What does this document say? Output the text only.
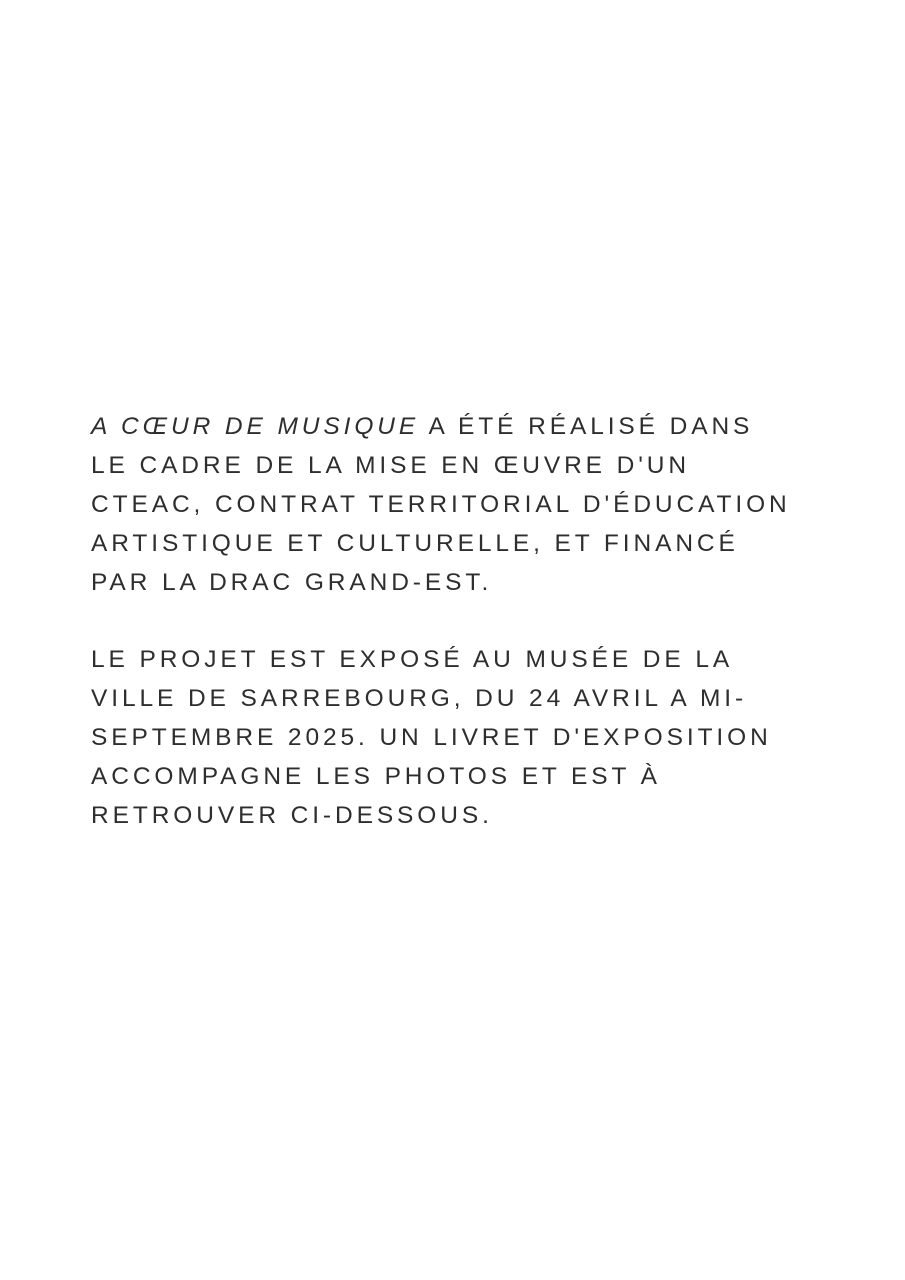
A CŒUR DE MUSIQUE A ÉTÉ RÉALISÉ DANS
LE CADRE DE LA MISE EN ŒUVRE D'UN
CTEAC, CONTRAT TERRITORIAL D'ÉDUCATION
ARTISTIQUE ET CULTURELLE, ET FINANCÉ
PAR LA DRAC GRAND-EST.
LE PROJET EST EXPOSÉ AU MUSÉE DE LA
VILLE DE SARREBOURG, DU 24 AVRIL A MI-
SEPTEMBRE 2025. UN LIVRET D'EXPOSITION
ACCOMPAGNE LES PHOTOS ET EST À
RETROUVER CI-DESSOUS.
